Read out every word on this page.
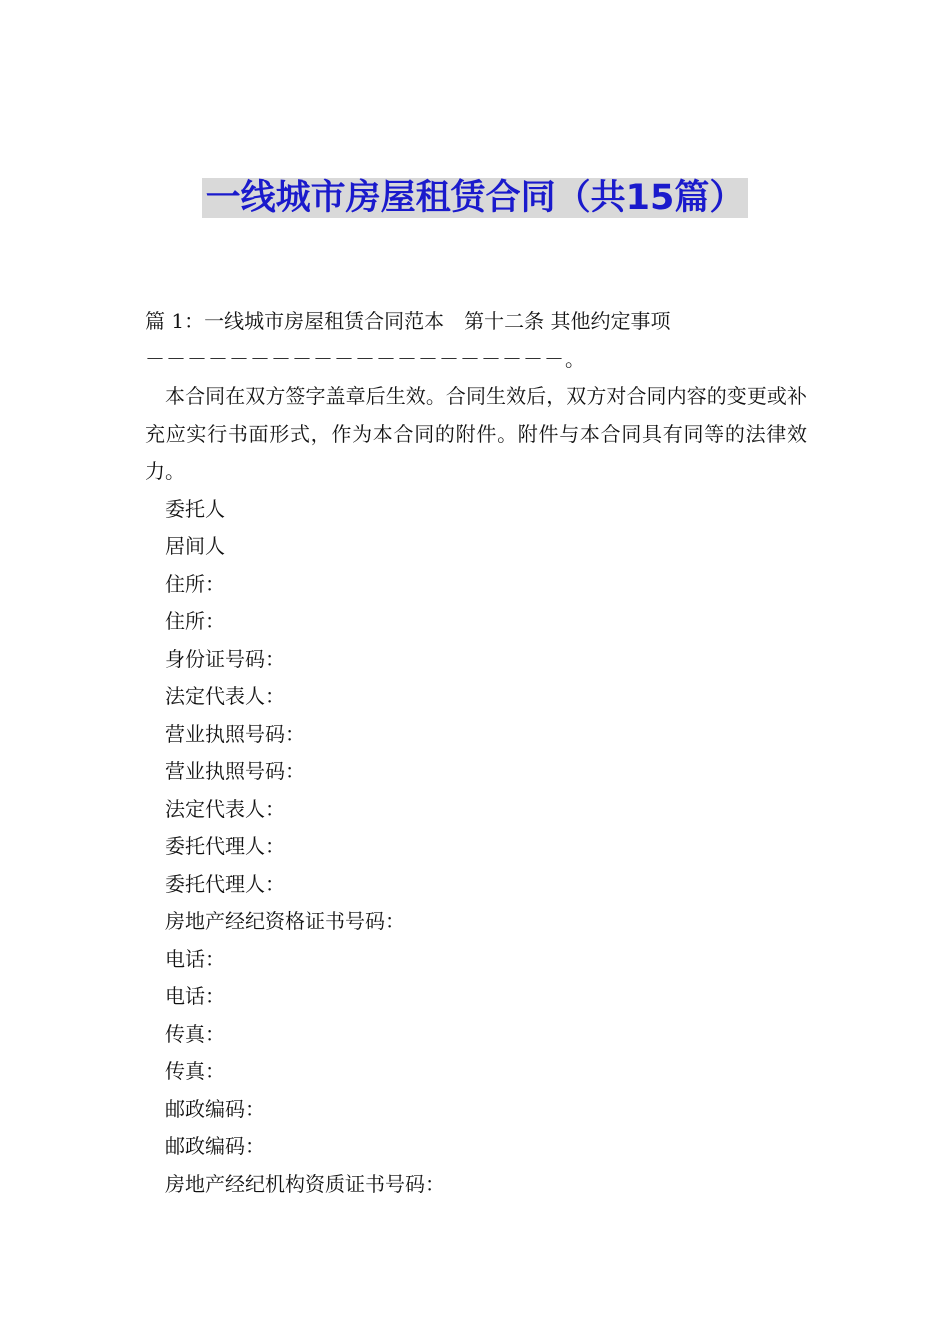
一线城市房屋租赁合同（共15篇）

篇 1：一线城市房屋租赁合同范本　第十二条 其他约定事项

－－－－－－－－－－－－－－－－－－－－。

本合同在双方签字盖章后生效。合同生效后，双方对合同内容的变更或补充应实行书面形式，作为本合同的附件。附件与本合同具有同等的法律效力。

委托人

居间人

住所：

住所：

身份证号码：

法定代表人：

营业执照号码：

营业执照号码：

法定代表人：

委托代理人：

委托代理人：

房地产经纪资格证书号码：

电话：

电话：

传真：

传真：

邮政编码：

邮政编码：

房地产经纪机构资质证书号码：
